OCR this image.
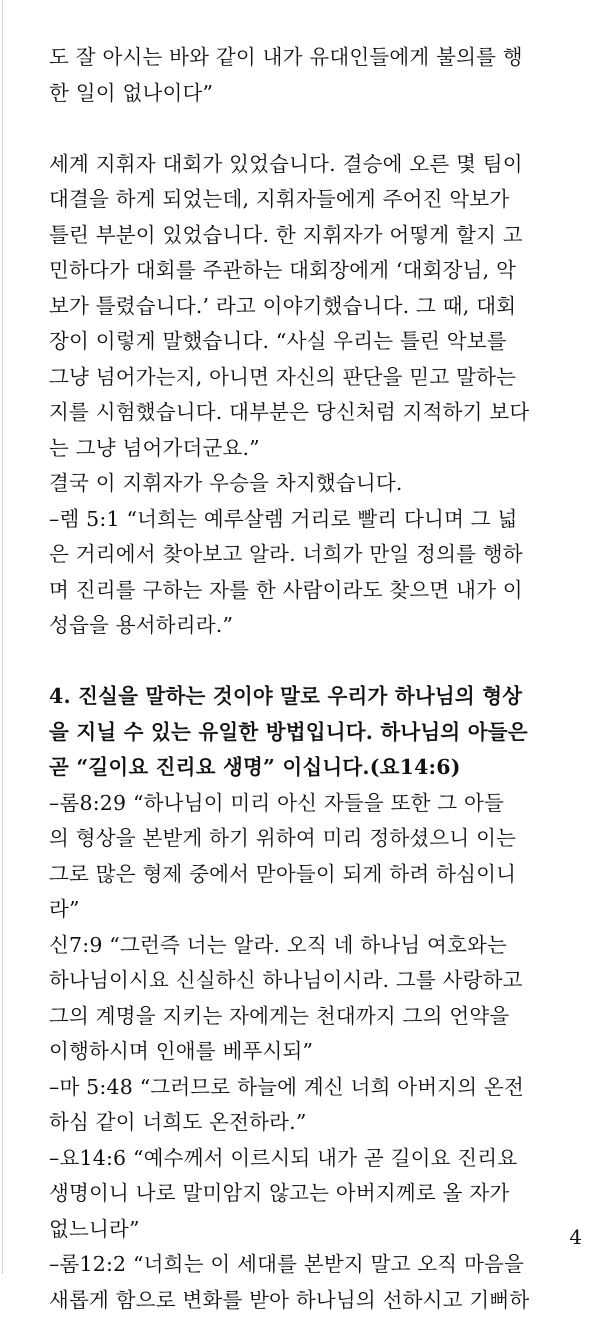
도 잘 아시는 바와 같이 내가 유대인들에게 불의를 행
한 일이 없나이다”
세계 지휘자 대회가 있었습니다. 결승에 오른 몇 팀이
대결을 하게 되었는데, 지휘자들에게 주어진 악보가
틀린 부분이 있었습니다. 한 지휘자가 어떻게 할지 고
민하다가 대회를 주관하는 대회장에게 ‘대회장님, 악
보가 틀렸습니다.’ 라고 이야기했습니다. 그 때, 대회
장이 이렇게 말했습니다. “사실 우리는 틀린 악보를
그냥 넘어가는지, 아니면 자신의 판단을 믿고 말하는
지를 시험했습니다. 대부분은 당신처럼 지적하기 보다
는 그냥 넘어가더군요.”
결국 이 지휘자가 우승을 차지했습니다.
–렘 5:1 “너희는 예루살렘 거리로 빨리 다니며 그 넓
은 거리에서 찾아보고 알라. 너희가 만일 정의를 행하
며 진리를 구하는 자를 한 사람이라도 찾으면 내가 이
성읍을 용서하리라.”
4. 진실을 말하는 것이야 말로 우리가 하나님의 형상
을 지닐 수 있는 유일한 방법입니다. 하나님의 아들은
곧 “길이요 진리요 생명” 이십니다.(요14:6)
–롬8:29 “하나님이 미리 아신 자들을 또한 그 아들
의 형상을 본받게 하기 위하여 미리 정하셨으니 이는
그로 많은 형제 중에서 맏아들이 되게 하려 하심이니
라”
신7:9 “그런즉 너는 알라. 오직 네 하나님 여호와는
하나님이시요 신실하신 하나님이시라. 그를 사랑하고
그의 계명을 지키는 자에게는 천대까지 그의 언약을
이행하시며 인애를 베푸시되”
–마 5:48 “그러므로 하늘에 계신 너희 아버지의 온전
하심 같이 너희도 온전하라.”
–요14:6 “예수께서 이르시되 내가 곧 길이요 진리요
생명이니 나로 말미암지 않고는 아버지께로 올 자가
없느니라”
–롬12:2 “너희는 이 세대를 본받지 말고 오직 마음을
새롭게 함으로 변화를 받아 하나님의 선하시고 기뻐하
4
